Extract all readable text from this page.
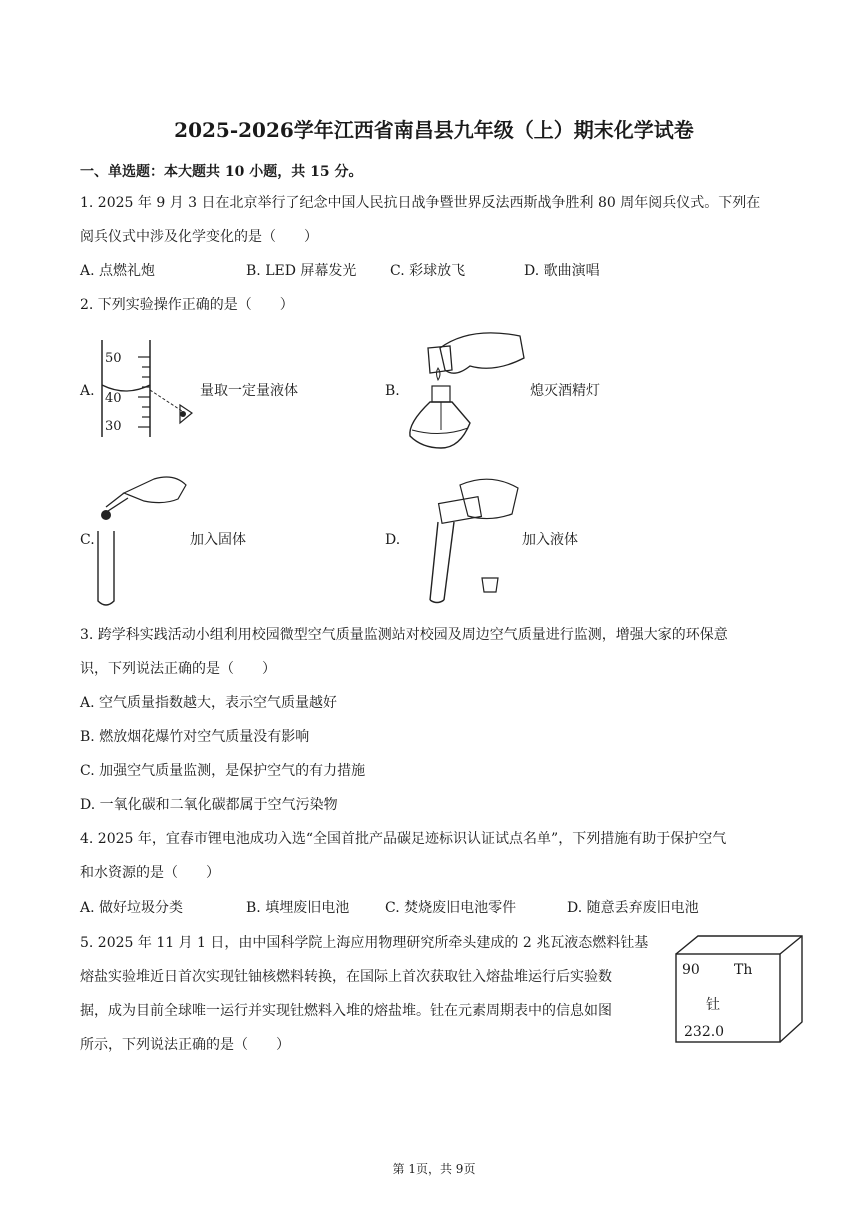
2025-2026学年江西省南昌县九年级（上）期末化学试卷
一、单选题：本大题共 10 小题，共 15 分。
1. 2025 年 9 月 3 日在北京举行了纪念中国人民抗日战争暨世界反法西斯战争胜利 80 周年阅兵仪式。下列在
阅兵仪式中涉及化学变化的是（　　）
A. 点燃礼炮	B. LED 屏幕发光 C. 彩球放飞	D. 歌曲演唱
2. 下列实验操作正确的是（　　）
A.
50
40
30
量取一定量液体	B.	熄灭酒精灯
C.	加入固体	D.	加入液体
3. 跨学科实践活动小组利用校园微型空气质量监测站对校园及周边空气质量进行监测，增强大家的环保意
识，下列说法正确的是（　　）
A. 空气质量指数越大，表示空气质量越好
B. 燃放烟花爆竹对空气质量没有影响
C. 加强空气质量监测，是保护空气的有力措施
D. 一氧化碳和二氧化碳都属于空气污染物
4. 2025 年，宜春市锂电池成功入选“全国首批产品碳足迹标识认证试点名单”，下列措施有助于保护空气
和水资源的是（　　）
A. 做好垃圾分类	B. 填埋废旧电池	C. 焚烧废旧电池零件	D. 随意丢弃废旧电池
5. 2025 年 11 月 1 日，由中国科学院上海应用物理研究所牵头建成的 2 兆瓦液态燃料钍基
熔盐实验堆近日首次实现钍铀核燃料转换，在国际上首次获取钍入熔盐堆运行后实验数
据，成为目前全球唯一运行并实现钍燃料入堆的熔盐堆。钍在元素周期表中的信息如图
所示，下列说法正确的是（　　）
90 Th
钍
232.0
第 1页，共 9页
